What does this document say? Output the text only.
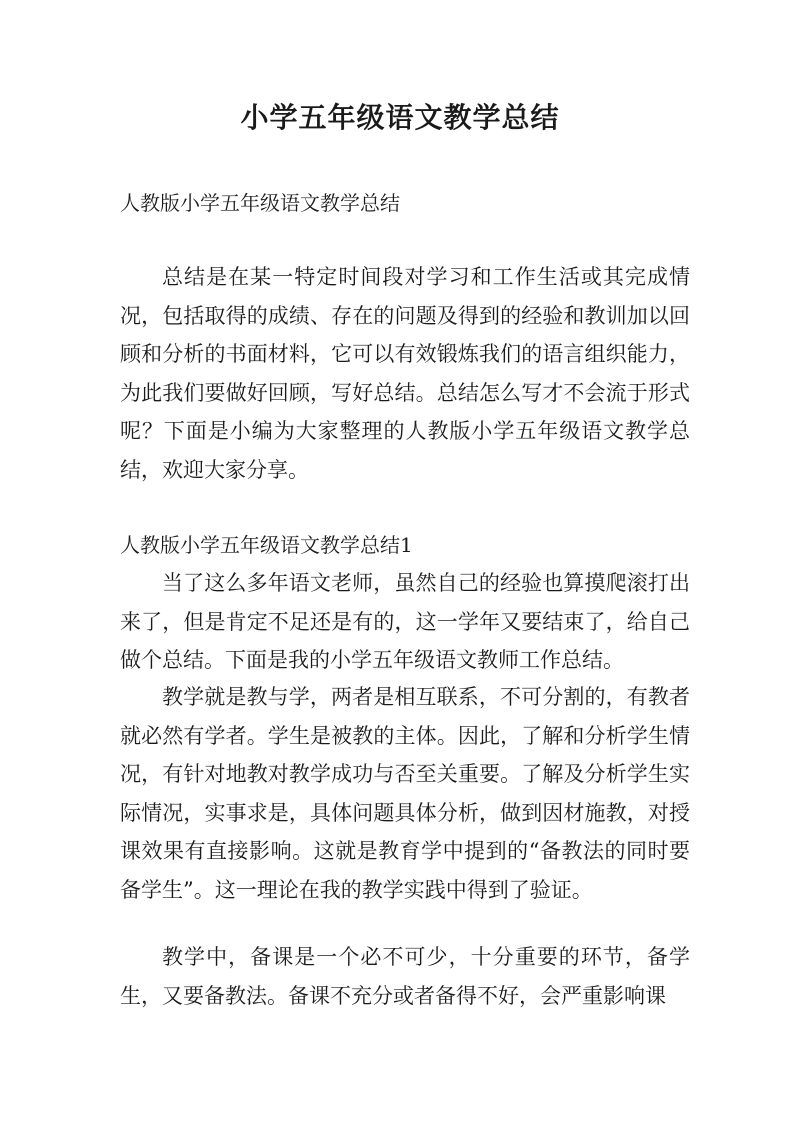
小学五年级语文教学总结
人教版小学五年级语文教学总结

总结是在某一特定时间段对学习和工作生活或其完成情况，包括取得的成绩、存在的问题及得到的经验和教训加以回顾和分析的书面材料，它可以有效锻炼我们的语言组织能力，为此我们要做好回顾，写好总结。总结怎么写才不会流于形式呢？下面是小编为大家整理的人教版小学五年级语文教学总结，欢迎大家分享。

人教版小学五年级语文教学总结1

当了这么多年语文老师，虽然自己的经验也算摸爬滚打出来了，但是肯定不足还是有的，这一学年又要结束了，给自己做个总结。下面是我的小学五年级语文教师工作总结。

教学就是教与学，两者是相互联系，不可分割的，有教者就必然有学者。学生是被教的主体。因此，了解和分析学生情况，有针对地教对教学成功与否至关重要。了解及分析学生实际情况，实事求是，具体问题具体分析，做到因材施教，对授课效果有直接影响。这就是教育学中提到的“备教法的同时要备学生”。这一理论在我的教学实践中得到了验证。

教学中，备课是一个必不可少，十分重要的环节，备学生，又要备教法。备课不充分或者备得不好，会严重影响课
